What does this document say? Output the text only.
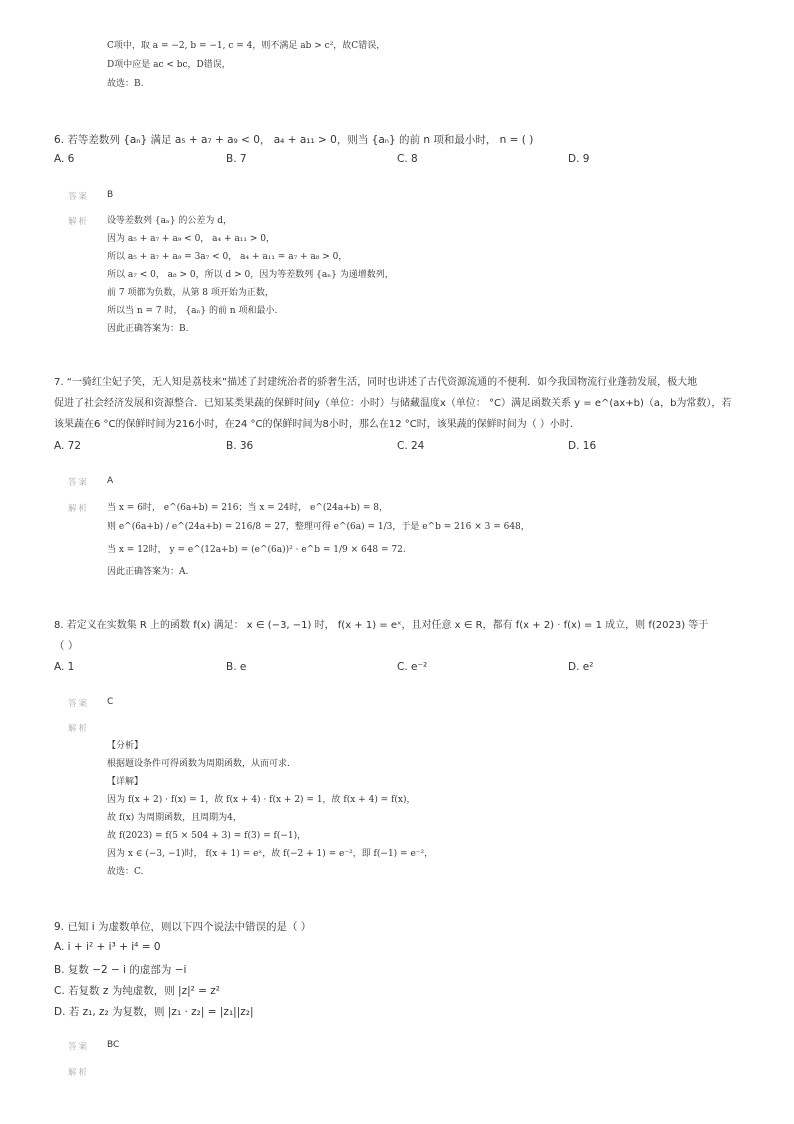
C项中，取 a = −2, b = −1, c = 4，则不满足 ab > c²，故C错误，
D项中应是 ac < bc，D错误，
故选：B.
6. 若等差数列 {aₙ} 满足 a₅ + a₇ + a₉ < 0， a₄ + a₁₁ > 0，则当 {aₙ} 的前 n 项和最小时， n = ( )
A. 6	B. 7	C. 8	D. 9
答案 B
解析 设等差数列 {aₙ} 的公差为 d，
因为 a₅ + a₇ + a₉ < 0， a₄ + a₁₁ > 0，
所以 a₅ + a₇ + a₉ = 3a₇ < 0， a₄ + a₁₁ = a₇ + a₈ > 0，
所以 a₇ < 0， a₈ > 0，所以 d > 0，因为等差数列 {aₙ} 为递增数列，
前 7 项都为负数，从第 8 项开始为正数，
所以当 n = 7 时， {aₙ} 的前 n 项和最小.
因此正确答案为：B.
7. “一骑红尘妃子笑，无人知是荔枝来”描述了封建统治者的骄奢生活，同时也讲述了古代资源流通的不便利．如今我国物流行业蓬勃发展，极大地
促进了社会经济发展和资源整合．已知某类果蔬的保鲜时间y（单位：小时）与储藏温度x（单位： °C）满足函数关系 y = e^(ax+b)（a，b为常数），若
该果蔬在6 °C的保鲜时间为216小时，在24 °C的保鲜时间为8小时，那么在12 °C时，该果蔬的保鲜时间为（ ）小时．
A. 72	B. 36	C. 24	D. 16
答案 A
解析 当 x = 6时， e^(6a+b) = 216；当 x = 24时， e^(24a+b) = 8，
则 e^(6a+b) / e^(24a+b) = 216/8 = 27，整理可得 e^(6a) = 1/3，于是 e^b = 216 × 3 = 648，
当 x = 12时， y = e^(12a+b) = (e^(6a))² · e^b = 1/9 × 648 = 72.
因此正确答案为：A.
8. 若定义在实数集 R 上的函数 f(x) 满足： x ∈ (−3, −1) 时， f(x + 1) = eˣ，且对任意 x ∈ R，都有 f(x + 2) · f(x) = 1 成立，则 f(2023) 等于
（ ）
A. 1	B. e	C. e⁻²	D. e²
答案 C
解析
【分析】
根据题设条件可得函数为周期函数，从而可求.
【详解】
因为 f(x + 2) · f(x) = 1，故 f(x + 4) · f(x + 2) = 1，故 f(x + 4) = f(x)，
故 f(x) 为周期函数，且周期为4，
故 f(2023) = f(5 × 504 + 3) = f(3) = f(−1)，
因为 x ∈ (−3, −1)时， f(x + 1) = eˣ，故 f(−2 + 1) = e⁻²，即 f(−1) = e⁻²，
故选：C.
9. 已知 i 为虚数单位，则以下四个说法中错误的是（ ）
A. i + i² + i³ + i⁴ = 0
B. 复数 −2 − i 的虚部为 −i
C. 若复数 z 为纯虚数，则 |z|² = z²
D. 若 z₁, z₂ 为复数，则 |z₁ · z₂| = |z₁||z₂|
答案 BC
解析
